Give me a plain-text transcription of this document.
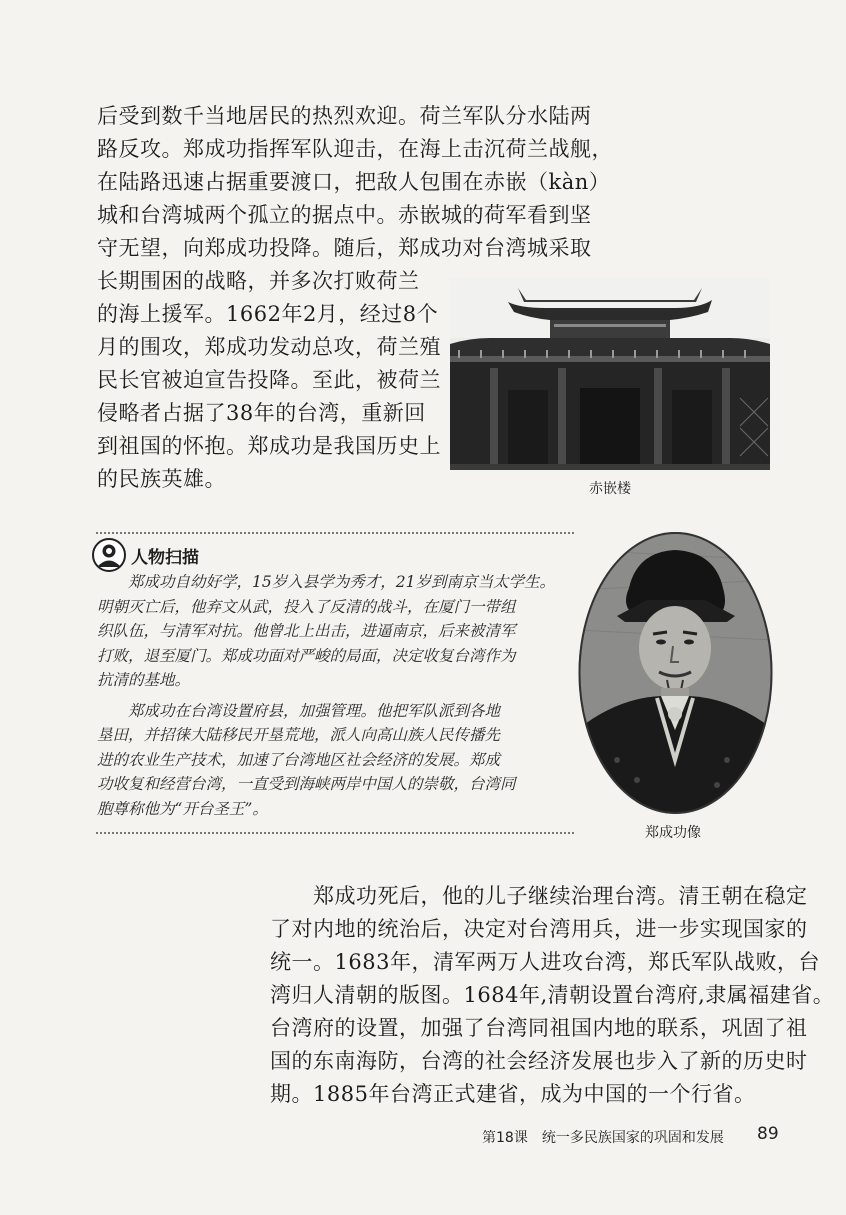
后受到数千当地居民的热烈欢迎。荷兰军队分水陆两
路反攻。郑成功指挥军队迎击，在海上击沉荷兰战舰，
在陆路迅速占据重要渡口，把敌人包围在赤嵌（kàn）
城和台湾城两个孤立的据点中。赤嵌城的荷军看到坚
守无望，向郑成功投降。随后，郑成功对台湾城采取
长期围困的战略，并多次打败荷兰
的海上援军。1662年2月，经过8个
月的围攻，郑成功发动总攻，荷兰殖
民长官被迫宣告投降。至此，被荷兰
侵略者占据了38年的台湾，重新回
到祖国的怀抱。郑成功是我国历史上
的民族英雄。	赤嵌楼
人物扫描
　　郑成功自幼好学，15岁入县学为秀才，21岁到南京当太学生。
明朝灭亡后，他弃文从武，投入了反清的战斗，在厦门一带组
织队伍，与清军对抗。他曾北上出击，进逼南京，后来被清军
打败，退至厦门。郑成功面对严峻的局面，决定收复台湾作为
抗清的基地。
　　郑成功在台湾设置府县，加强管理。他把军队派到各地
垦田，并招徕大陆移民开垦荒地，派人向高山族人民传播先
进的农业生产技术，加速了台湾地区社会经济的发展。郑成
功收复和经营台湾，一直受到海峡两岸中国人的崇敬，台湾同
胞尊称他为“开台圣王”。
郑成功像
　　郑成功死后，他的儿子继续治理台湾。清王朝在稳定
了对内地的统治后，决定对台湾用兵，进一步实现国家的
统一。1683年，清军两万人进攻台湾，郑氏军队战败，台
湾归人清朝的版图。1684年,清朝设置台湾府,隶属福建省。
台湾府的设置，加强了台湾同祖国内地的联系，巩固了祖
国的东南海防，台湾的社会经济发展也步入了新的历史时
期。1885年台湾正式建省，成为中国的一个行省。
第18课　统一多民族国家的巩固和发展 89
